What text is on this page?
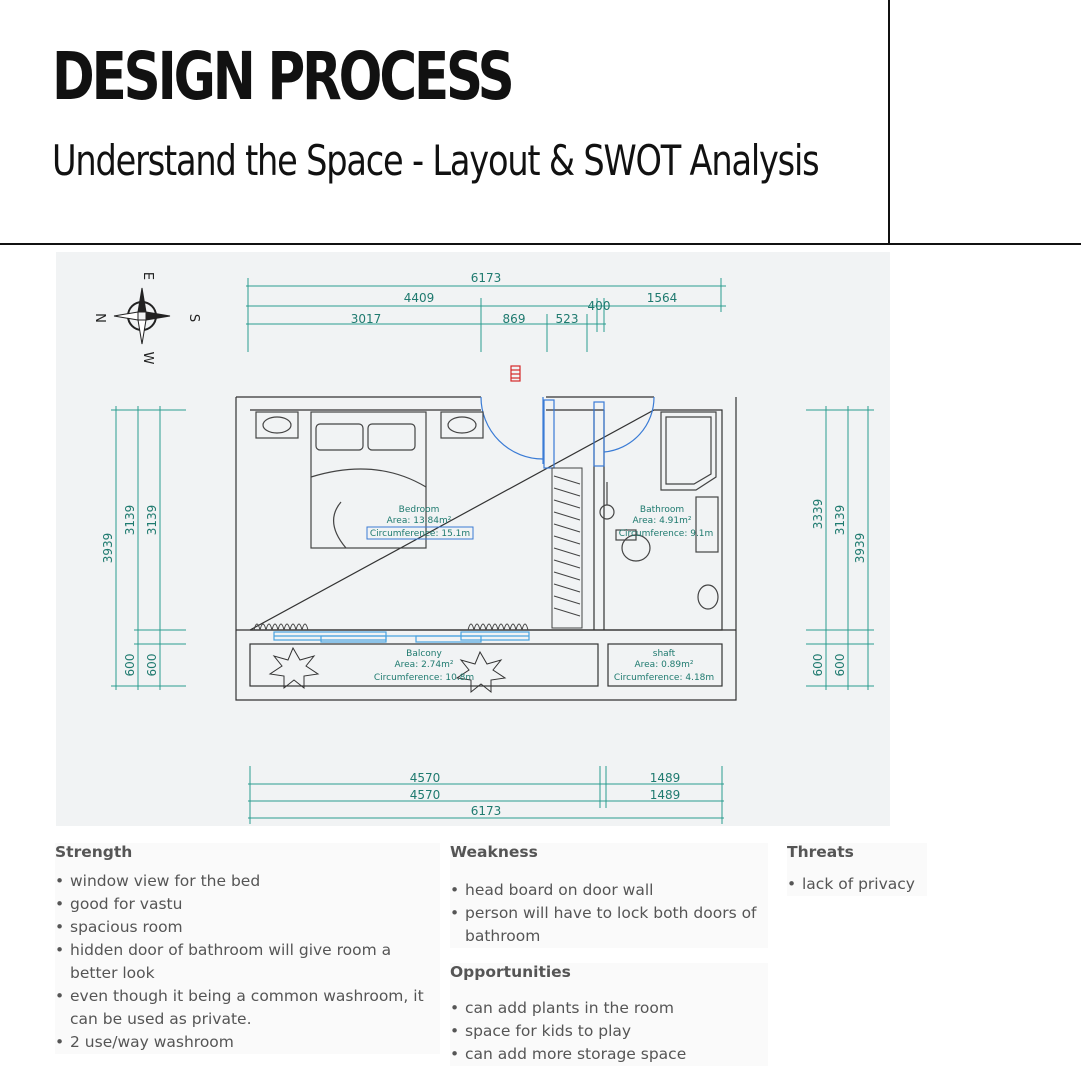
DESIGN PROCESS
Understand the Space - Layout & SWOT Analysis
N
E
S
W
6173
4409
400
1564
3017	869	523
Bedroom
Area: 13.84m²
Circumference: 15.1m
Bathroom
Area: 4.91m²
Circumference: 9.1m
Balcony
Area: 2.74m²
Circumference: 10.8m
shaft
Area: 0.89m²
Circumference: 4.18m
3939
3139 3139
600 600
3339 3139
3939
600 600
4570	1489
4570	1489
6173
Strength
• window view for the bed
• good for vastu
• spacious room
• hidden door of bathroom will give room a better look
• even though it being a common washroom, it can be used as private.
• 2 use/way washroom
Weakness
• head board on door wall
• person will have to lock both doors of bathroom
Opportunities
• can add plants in the room
• space for kids to play
• can add more storage space
Threats
• lack of privacy
